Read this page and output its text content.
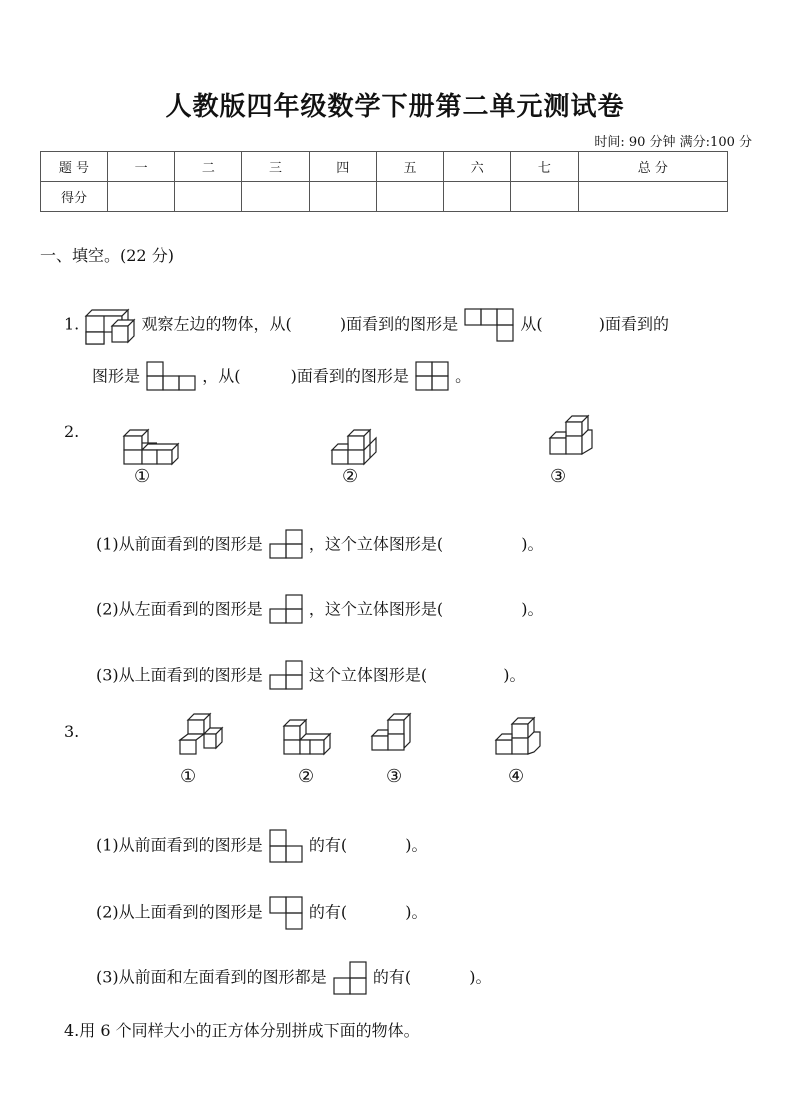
人教版四年级数学下册第二单元测试卷
时间: 90 分钟 满分:100 分
题 号	一	二	三	四	五	六	七	总 分
得分								
一、填空。(22 分)
1.	观察左边的物体，从(	)面看到的图形是	从(	)面看到的
图形是	，从(	)面看到的图形是	。
2.
①	②	③
(1)从前面看到的图形是	，这个立体图形是(	)。
(2)从左面看到的图形是	，这个立体图形是(	)。
(3)从上面看到的图形是	这个立体图形是(	)。
3.
①	②	③	④
(1)从前面看到的图形是	的有(	)。
(2)从上面看到的图形是	的有(	)。
(3)从前面和左面看到的图形都是	的有(	)。
4.用 6 个同样大小的正方体分别拼成下面的物体。
